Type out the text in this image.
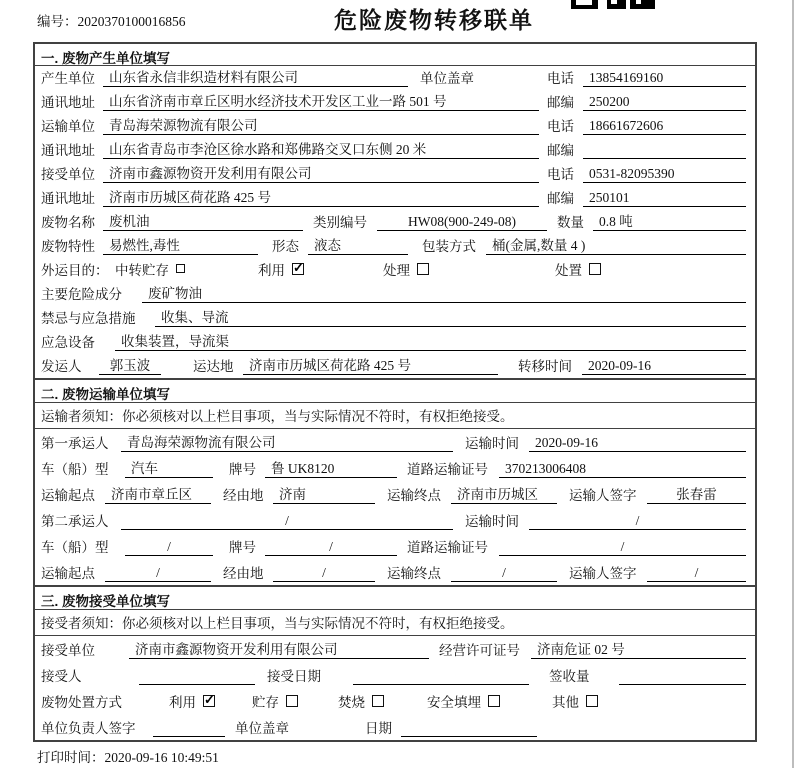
编号：2020370100016856	危险废物转移联单
一. 废物产生单位填写
产生单位	山东省永信非织造材料有限公司	单位盖章	电话	13854169160
通讯地址	山东省济南市章丘区明水经济技术开发区工业一路 501 号	邮编	250200
运输单位	青岛海荣源物流有限公司	电话	18661672606
通讯地址	山东省青岛市李沧区徐水路和郑佛路交叉口东侧 20 米	邮编
接受单位	济南市鑫源物资开发利用有限公司	电话	0531-82095390
通讯地址	济南市历城区荷花路 425 号	邮编	250101
废物名称	废机油	类别编号	HW08(900-249-08)	数量	0.8 吨
废物特性	易燃性,毒性	形态	液态	包装方式	桶(金属,数量 4 )
外运目的： 中转贮存	利用 ✓	处理	处置
主要危险成分	废矿物油
禁忌与应急措施	收集、导流
应急设备	收集装置，导流渠
发运人	郭玉波	运达地	济南市历城区荷花路 425 号	转移时间	2020-09-16
二. 废物运输单位填写
运输者须知： 你必须核对以上栏目事项，当与实际情况不符时，有权拒绝接受。
第一承运人	青岛海荣源物流有限公司	运输时间	2020-09-16
车（船）型	汽车	牌号	鲁 UK8120	道路运输证号	370213006408
运输起点	济南市章丘区	经由地	济南	运输终点	济南市历城区	运输人签字	张春雷
第二承运人	/	运输时间	/
车（船）型	/	牌号	/	道路运输证号	/
运输起点	/	经由地	/	运输终点	/	运输人签字	/
三. 废物接受单位填写
接受者须知： 你必须核对以上栏目事项，当与实际情况不符时，有权拒绝接受。
接受单位	济南市鑫源物资开发利用有限公司	经营许可证号	济南危证 02 号
接受人	接受日期	签收量
废物处置方式	利用 ✓	贮存	焚烧	安全填埋	其他
单位负责人签字	单位盖章	日期
打印时间：2020-09-16 10:49:51
